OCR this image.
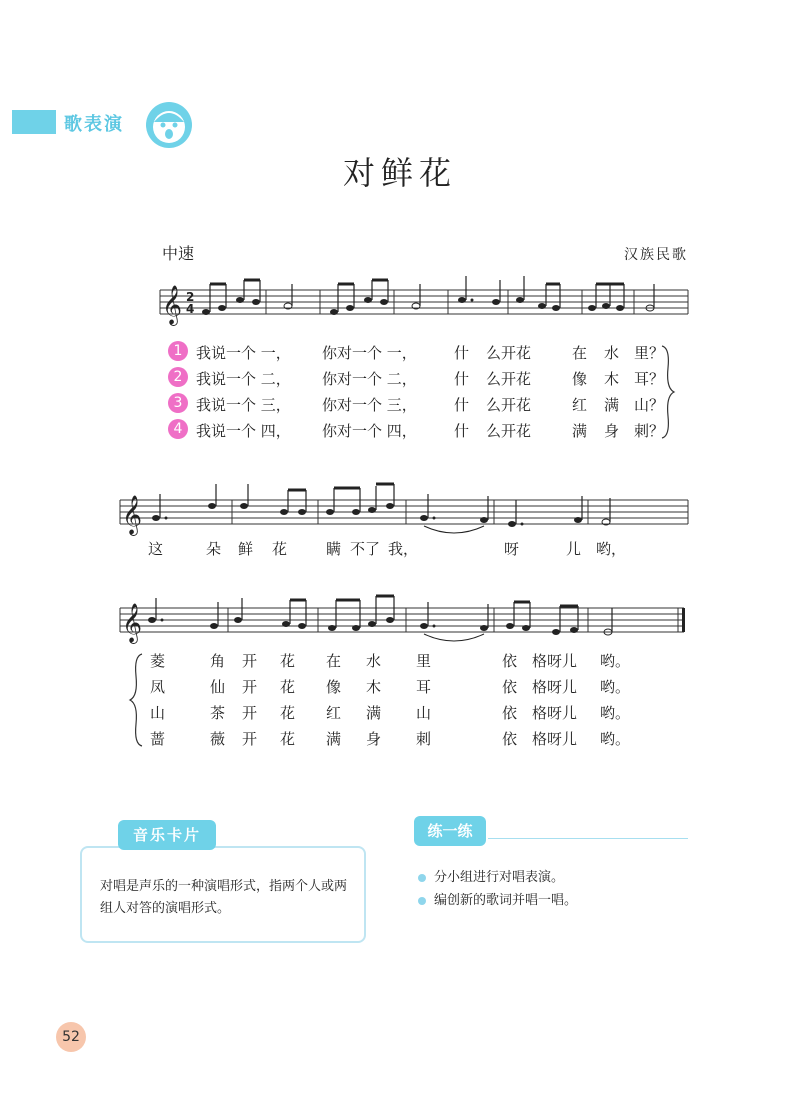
歌表演
对鲜花
中速	汉族民歌
𝄞 2
4
1 我说一个 一， 你对一个 一， 什 么开花	在 水 里？
2 我说一个 二， 你对一个 二， 什 么开花	像 木 耳？
3 我说一个 三， 你对一个 三， 什 么开花	红 满 山？
4 我说一个 四， 你对一个 四， 什 么开花	满 身 刺？
𝄞
这	朵 鲜 花	瞒 不了 我，	呀	儿 哟，
𝄞
菱	角 开 花 在 水 里	依 格呀儿 哟。
凤	仙 开 花 像 木 耳	依 格呀儿 哟。
山	茶 开 花 红 满 山	依 格呀儿 哟。
蔷	薇 开 花 满 身 刺	依 格呀儿 哟。
音乐卡片
对唱是声乐的一种演唱形式，指两个人或两组人对答的演唱形式。
练一练
分小组进行对唱表演。
编创新的歌词并唱一唱。
52
